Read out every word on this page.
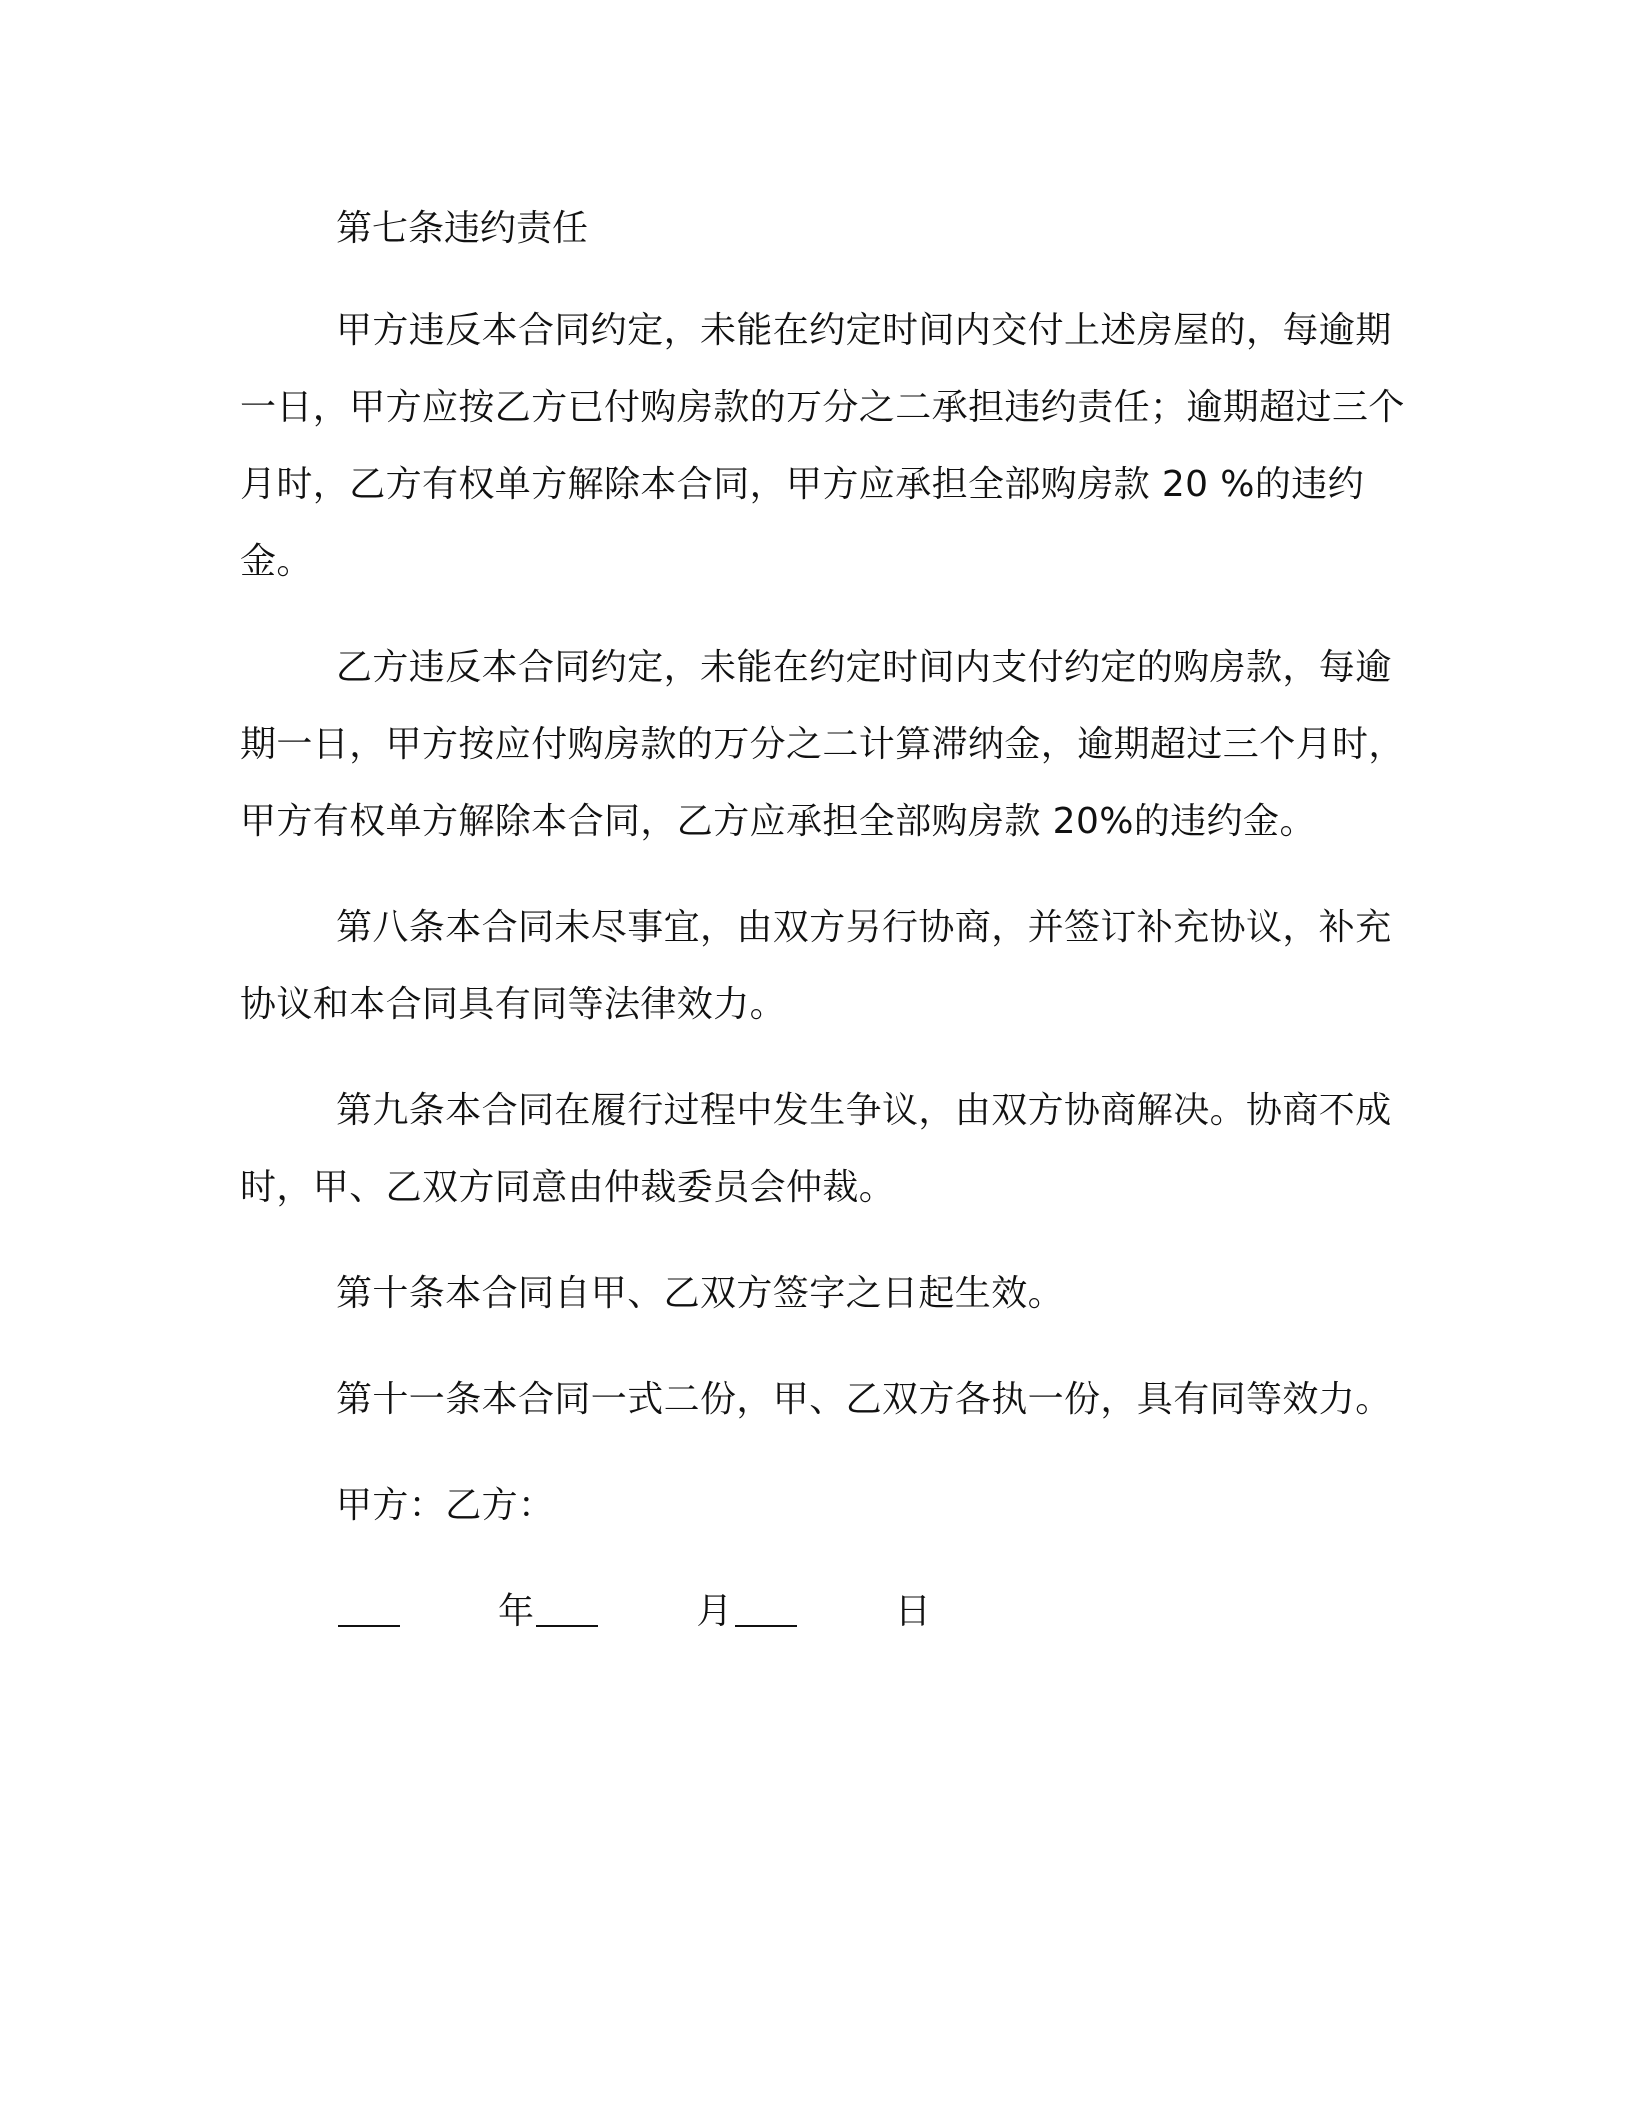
第七条违约责任

甲方违反本合同约定，未能在约定时间内交付上述房屋的，每逾期一日，甲方应按乙方已付购房款的万分之二承担违约责任；逾期超过三个月时，乙方有权单方解除本合同，甲方应承担全部购房款 20 %的违约金。

乙方违反本合同约定，未能在约定时间内支付约定的购房款，每逾期一日，甲方按应付购房款的万分之二计算滞纳金，逾期超过三个月时，甲方有权单方解除本合同，乙方应承担全部购房款 20%的违约金。

第八条本合同未尽事宜，由双方另行协商，并签订补充协议，补充协议和本合同具有同等法律效力。

第九条本合同在履行过程中发生争议，由双方协商解决。协商不成时，甲、乙双方同意由仲裁委员会仲裁。

第十条本合同自甲、乙双方签字之日起生效。

第十一条本合同一式二份，甲、乙双方各执一份，具有同等效力。

甲方：乙方：

年	月	日
